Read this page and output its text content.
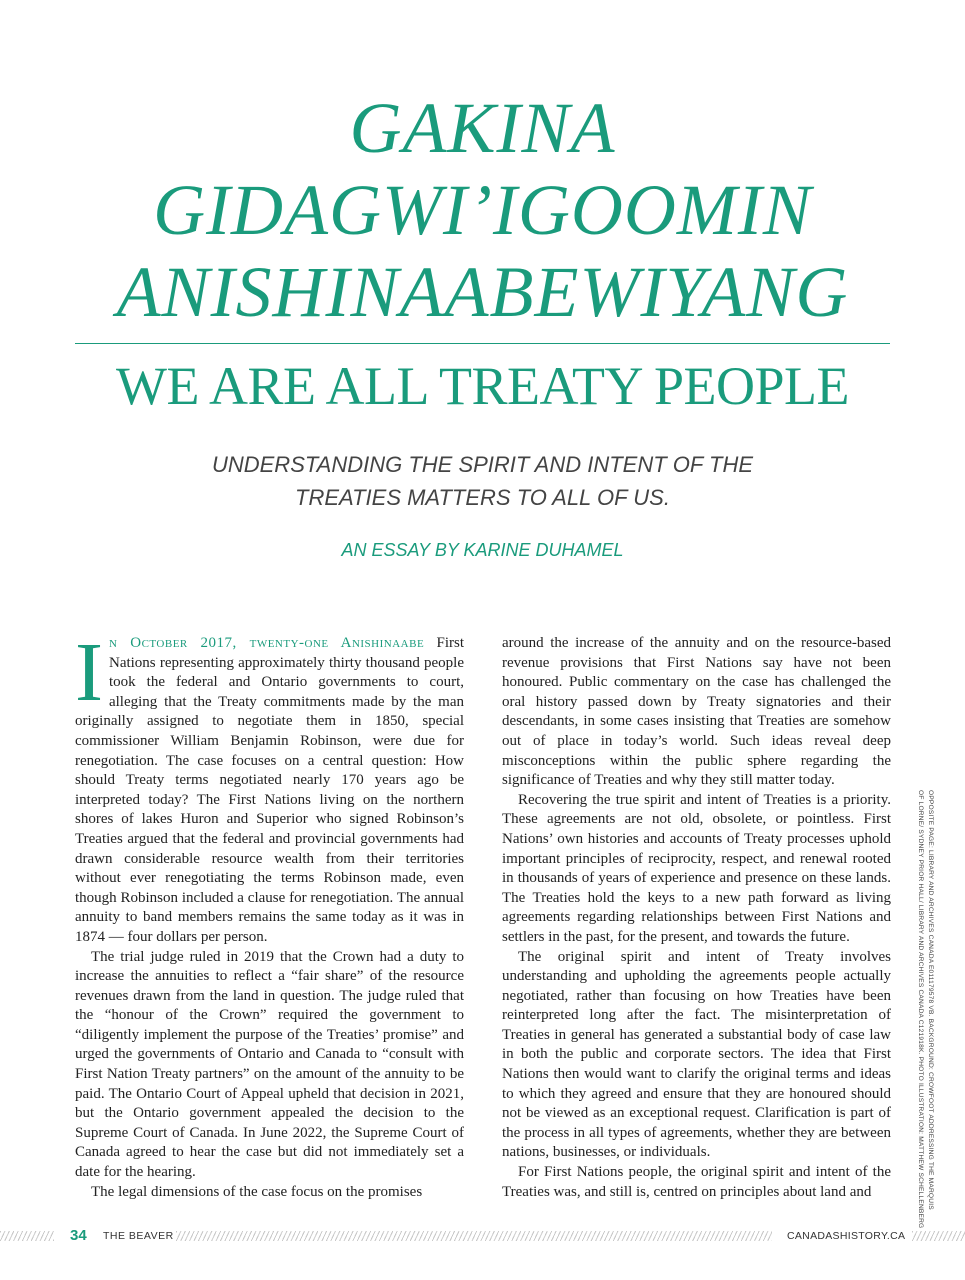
GAKINA
GIDAGWI’IGOOMIN
ANISHINAABEWIYANG
WE ARE ALL TREATY PEOPLE
UNDERSTANDING THE SPIRIT AND INTENT OF THE
TREATIES MATTERS TO ALL OF US.
AN ESSAY BY KARINE DUHAMEL

In October 2017, twenty-one Anishinaabe First Nations representing approximately thirty thousand people took the federal and Ontario governments to court, alleging that the Treaty commitments made by the man originally assigned to negotiate them in 1850, special commissioner William Benjamin Robinson, were due for renegotiation. The case focuses on a central question: How should Treaty terms negotiated nearly 170 years ago be interpreted today? The First Nations living on the northern shores of lakes Huron and Superior who signed Robinson’s Treaties argued that the federal and provincial governments had drawn considerable resource wealth from their territories without ever renegotiating the terms Robinson made, even though Robinson included a clause for renegotiation. The annual annuity to band members remains the same today as it was in 1874 — four dollars per person.

The trial judge ruled in 2019 that the Crown had a duty to increase the annuities to reflect a “fair share” of the resource revenues drawn from the land in question. The judge ruled that the “honour of the Crown” required the government to “diligently implement the purpose of the Treaties’ promise” and urged the governments of Ontario and Canada to “consult with First Nation Treaty partners” on the amount of the annuity to be paid. The Ontario Court of Appeal upheld that decision in 2021, but the Ontario government appealed the decision to the Supreme Court of Canada. In June 2022, the Supreme Court of Canada agreed to hear the case but did not immediately set a date for the hearing.

The legal dimensions of the case focus on the promises

around the increase of the annuity and on the resource-based revenue provisions that First Nations say have not been honoured. Public commentary on the case has challenged the oral history passed down by Treaty signatories and their descendants, in some cases insisting that Treaties are somehow out of place in today’s world. Such ideas reveal deep misconceptions within the public sphere regarding the significance of Treaties and why they still matter today.

Recovering the true spirit and intent of Treaties is a priority. These agreements are not old, obsolete, or pointless. First Nations’ own histories and accounts of Treaty processes uphold important principles of reciprocity, respect, and renewal rooted in thousands of years of experience and presence on these lands. The Treaties hold the keys to a new path forward as living agreements regarding relationships between First Nations and settlers in the past, for the present, and towards the future.

The original spirit and intent of Treaty involves understanding and upholding the agreements people actually negotiated, rather than focusing on how Treaties have been reinterpreted long after the fact. The misinterpretation of Treaties in general has generated a substantial body of case law in both the public and corporate sectors. The idea that First Nations then would want to clarify the original terms and ideas to which they agreed and ensure that they are honoured should not be viewed as an exceptional request. Clarification is part of the process in all types of agreements, whether they are between nations, businesses, or individuals.

For First Nations people, the original spirit and intent of the Treaties was, and still is, centred on principles about land and	OPPOSITE PAGE: LIBRARY AND ARCHIVES CANADA E011179578 VB. BACKGROUND: CROWFOOT ADDRESSING THE MARQUIS
OF LORNE/ SYDNEY PRIOR HALL/ LIBRARY AND ARCHIVES CANADA C121918K. PHOTO ILLUSTRATION: MATTHEW SCHELLENBERG
34 THE BEAVER	CANADASHISTORY.CA
